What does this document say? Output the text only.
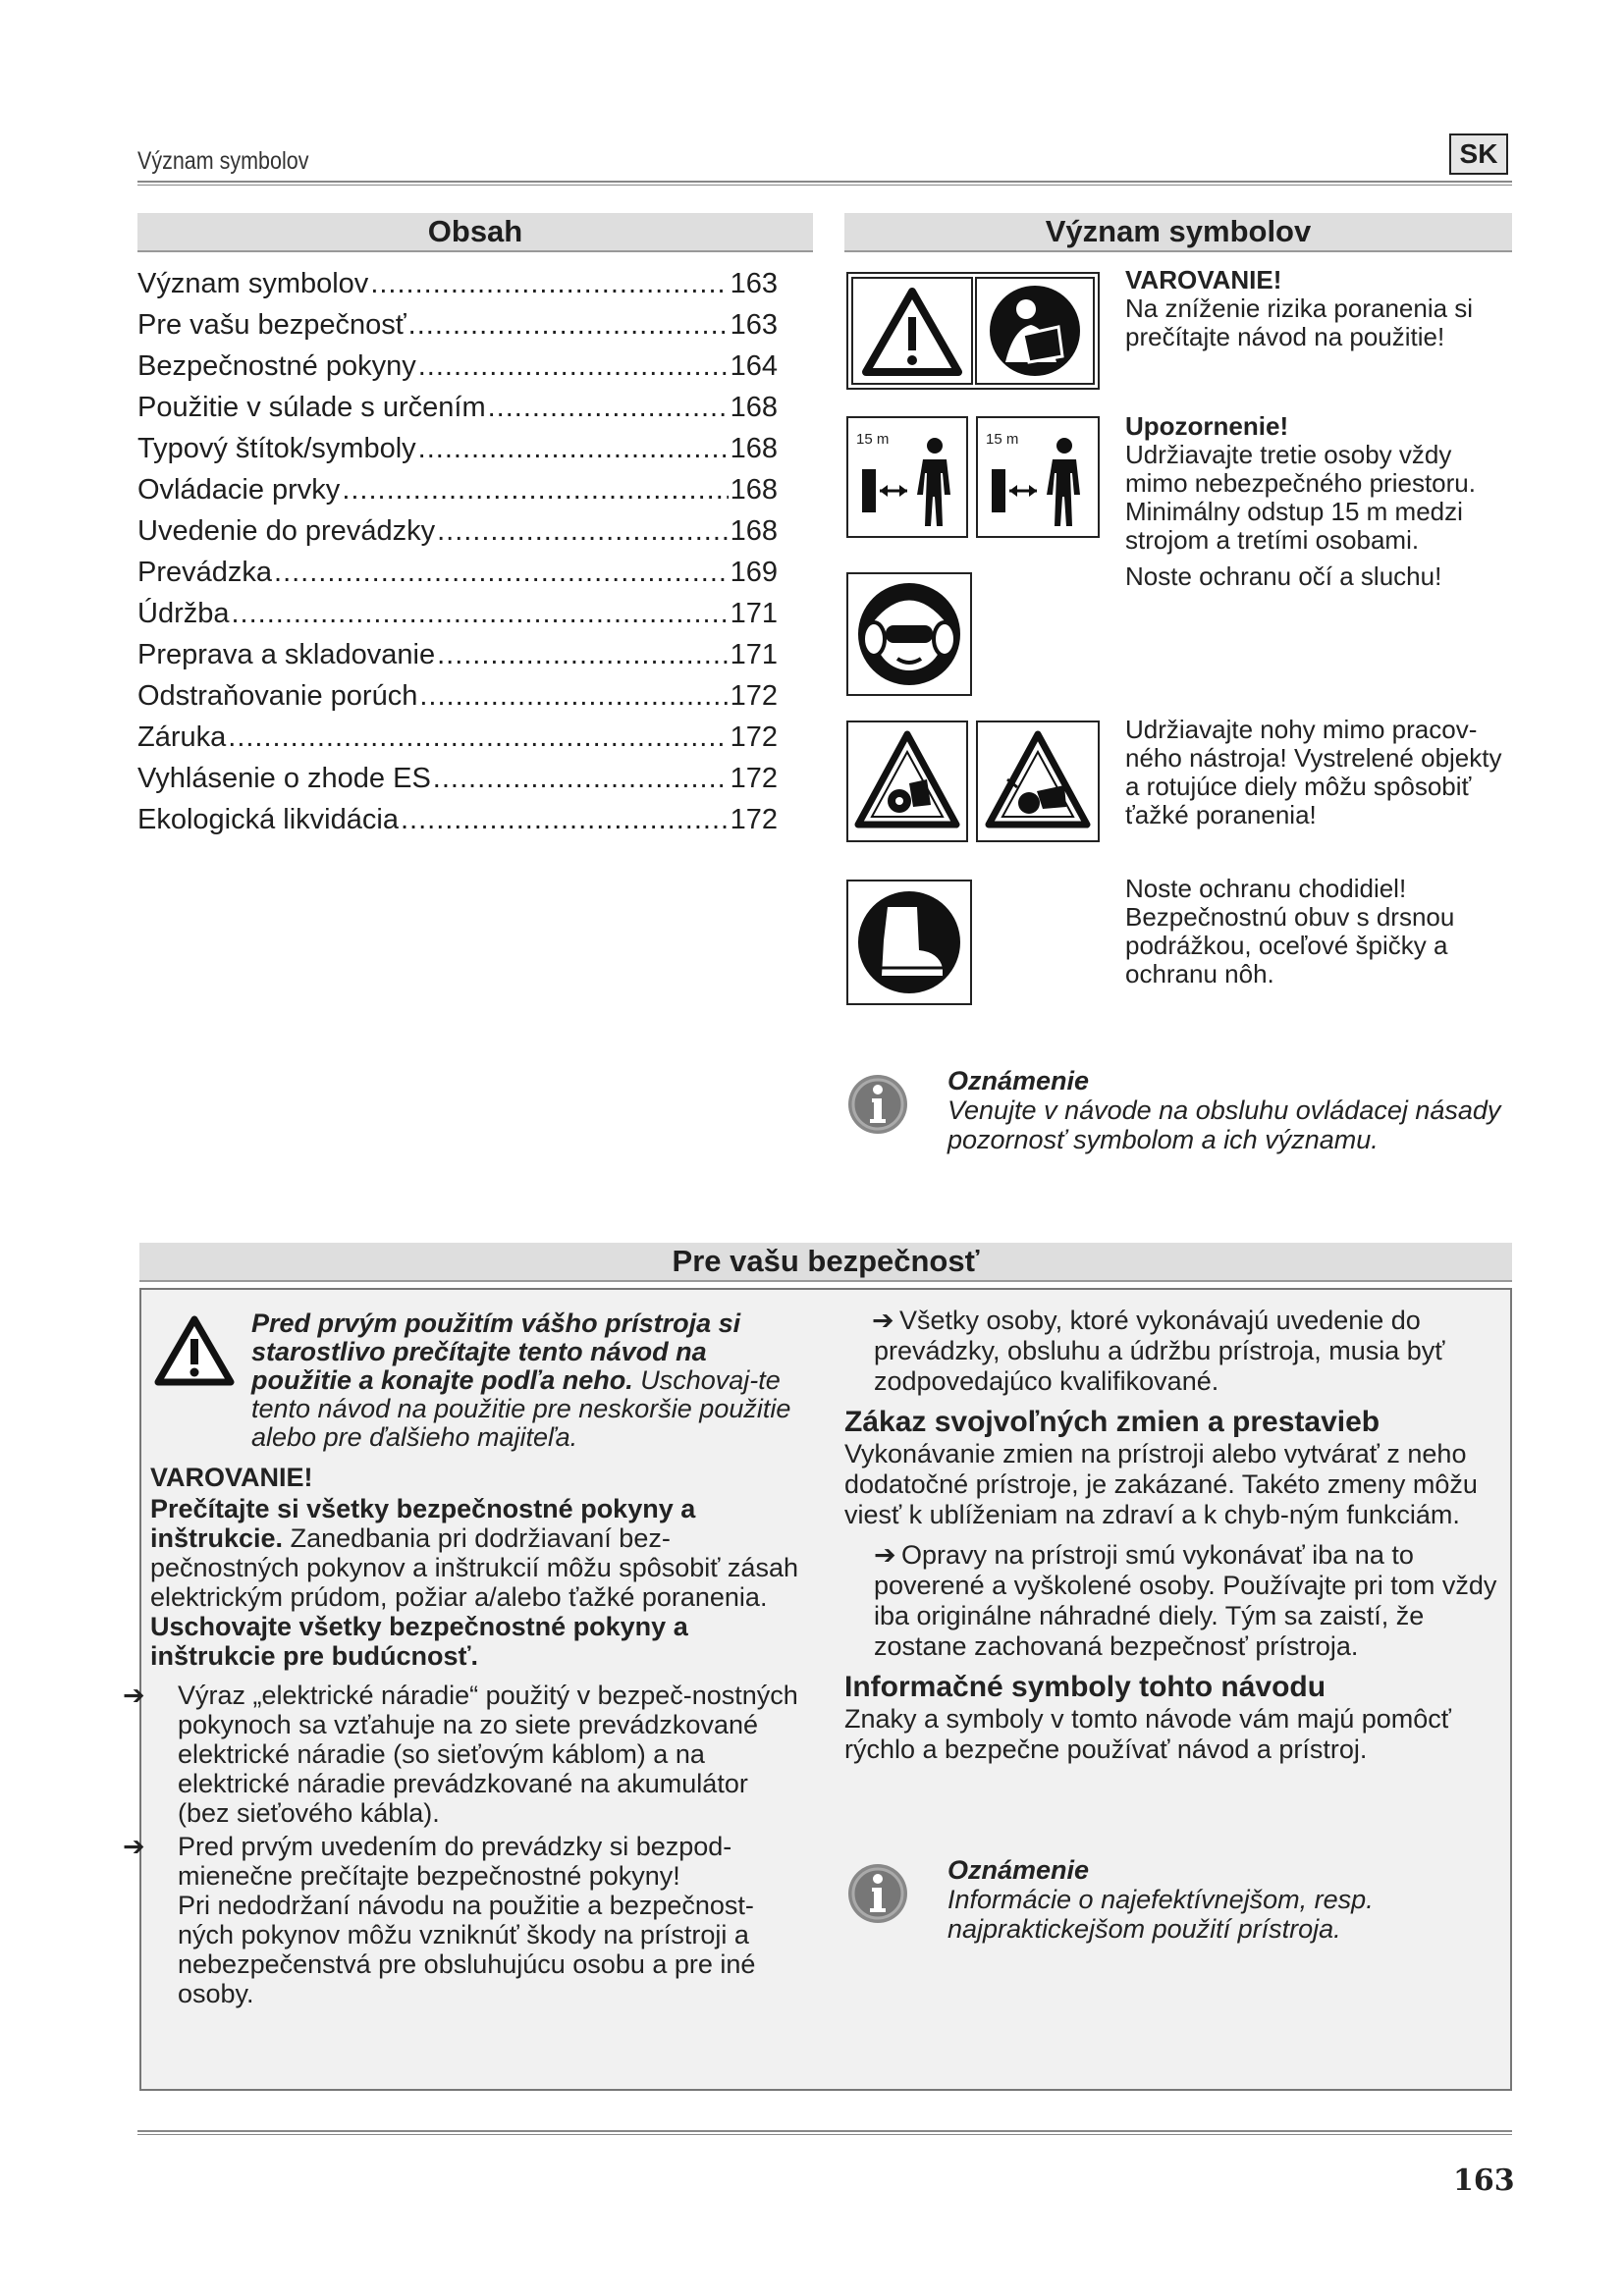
Význam symbolov	SK
Obsah
Význam symbolov .....	163
Pre vašu bezpečnosť .....	163
Bezpečnostné pokyny .....	164
Použitie v súlade s určením .....	168
Typový štítok/symboly .....	168
Ovládacie prvky .....	168
Uvedenie do prevádzky .....	168
Prevádzka .....	169
Údržba .....	171
Preprava a skladovanie .....	171
Odstraňovanie porúch .....	172
Záruka .....	172
Vyhlásenie o zhode ES .....	172
Ekologická likvidácia .....	172
Význam symbolov

VAROVANIE!

Na zníženie rizika poranenia si prečítajte návod na použitie!

15 m	15 m	Upozornenie!

Udržiavajte tretie osoby vždy mimo nebezpečného priestoru. Minimálny odstup 15 m medzi strojom a tretími osobami.

Noste ochranu očí a sluchu!

Udržiavajte nohy mimo pracov-ného nástroja! Vystrelené objekty a rotujúce diely môžu spôsobiť ťažké poranenia!

Noste ochranu chodidiel! Bezpečnostnú obuv s drsnou podrážkou, oceľové špičky a ochranu nôh.

Oznámenie
Venujte v návode na obsluhu ovládacej násady pozornosť symbolom a ich významu.
Pre vašu bezpečnosť
Pred prvým použitím vášho prístroja si starostlivo prečítajte tento návod na použitie a konajte podľa neho. Uschovaj-te tento návod na použitie pre neskoršie použitie alebo pre ďalšieho majiteľa.
VAROVANIE!
Prečítajte si všetky bezpečnostné pokyny a inštrukcie. Zanedbania pri dodržiavaní bez-pečnostných pokynov a inštrukcií môžu spôsobiť zásah elektrickým prúdom, požiar a/alebo ťažké poranenia.
Uschovajte všetky bezpečnostné pokyny a inštrukcie pre budúcnosť.

➔ Výraz „elektrické náradie“ použitý v bezpeč-nostných pokynoch sa vzťahuje na zo siete prevádzkované elektrické náradie (so sieťovým káblom) a na elektrické náradie prevádzkované na akumulátor (bez sieťového kábla).

➔ Pred prvým uvedením do prevádzky si bezpod-mienečne prečítajte bezpečnostné pokyny!

Pri nedodržaní návodu na použitie a bezpečnost-ných pokynov môžu vzniknúť škody na prístroji a nebezpečenstvá pre obsluhujúcu osobu a pre iné osoby.

➔ Všetky osoby, ktoré vykonávajú uvedenie do prevádzky, obsluhu a údržbu prístroja, musia byť zodpovedajúco kvalifikované.

Zákaz svojvoľných zmien a prestavieb

Vykonávanie zmien na prístroji alebo vytvárať z neho dodatočné prístroje, je zakázané. Takéto zmeny môžu viesť k ublíženiam na zdraví a k chyb-ným funkciám.

➔ Opravy na prístroji smú vykonávať iba na to poverené a vyškolené osoby. Používajte pri tom vždy iba originálne náhradné diely. Tým sa zaistí, že zostane zachovaná bezpečnosť prístroja.

Informačné symboly tohto návodu

Znaky a symboly v tomto návode vám majú pomôcť rýchlo a bezpečne používať návod a prístroj.

Oznámenie
Informácie o najefektívnejšom, resp. najpraktickejšom použití prístroja.
163
